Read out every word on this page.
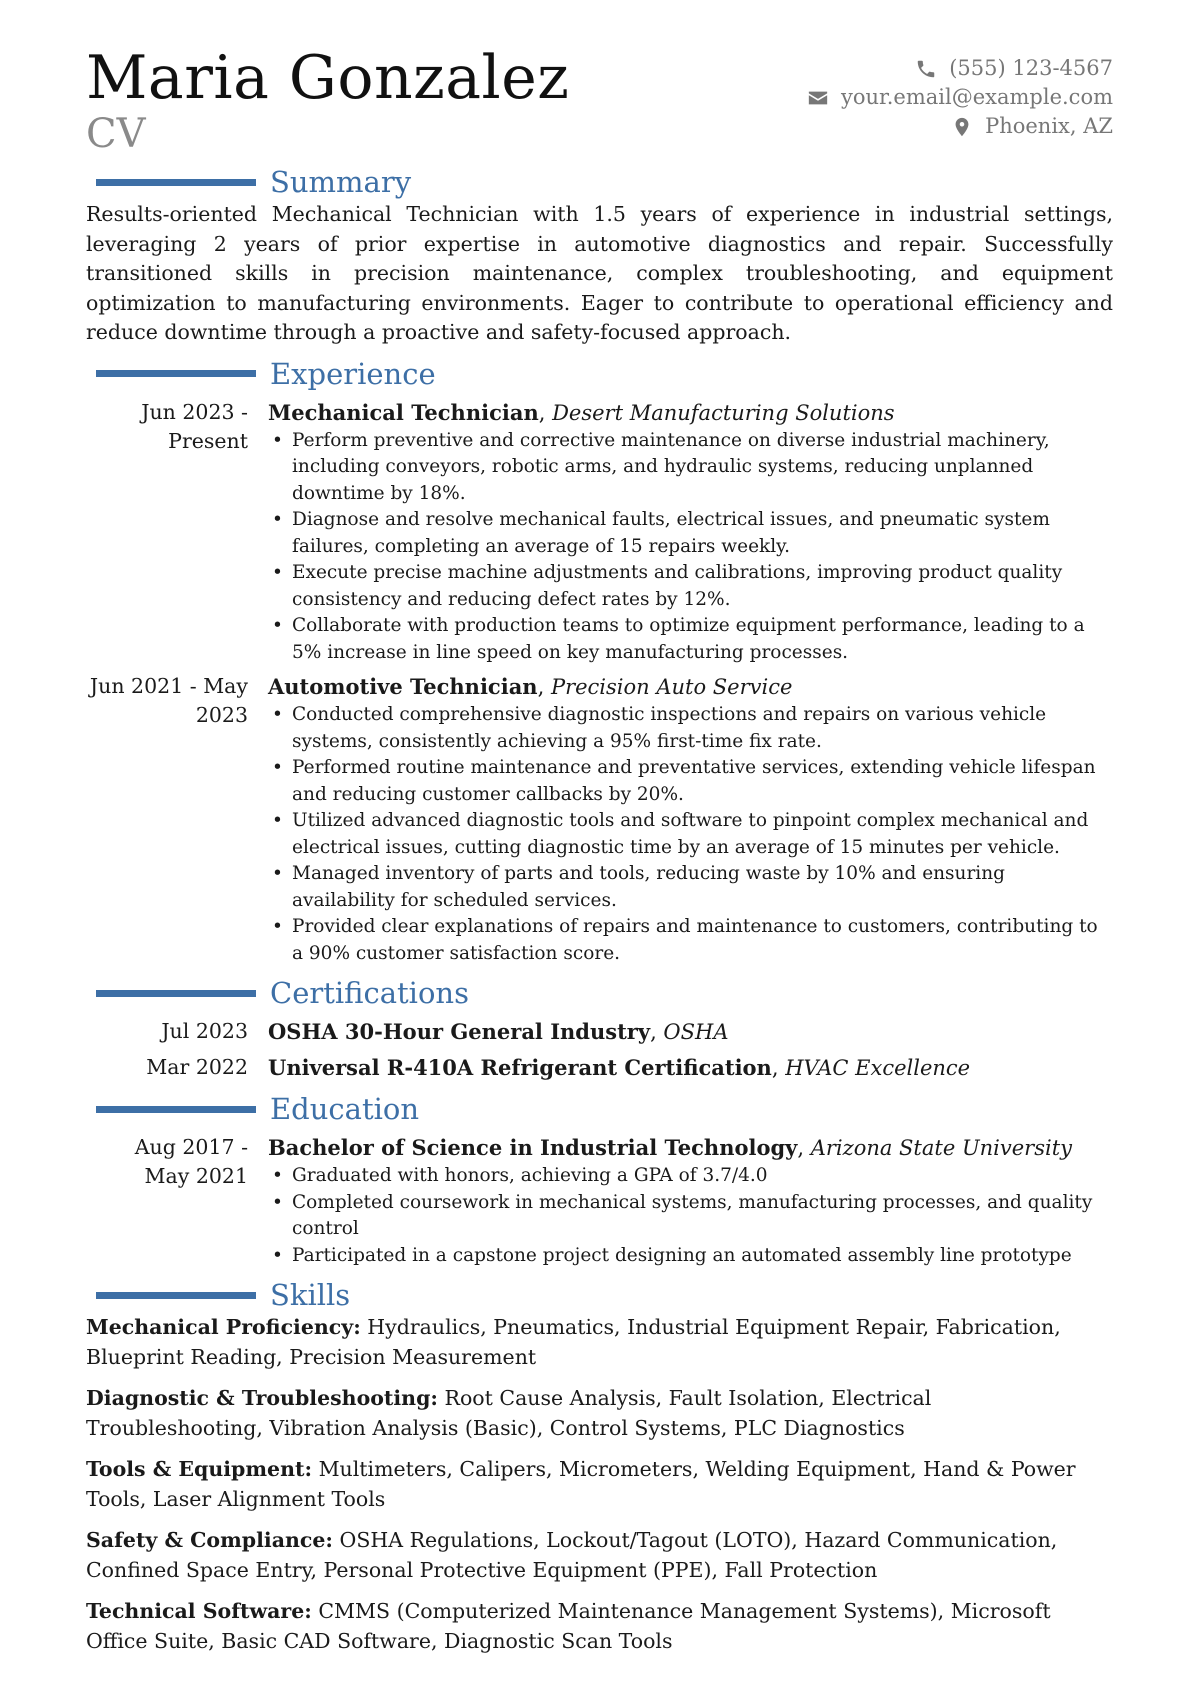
Maria Gonzalez
CV
(555) 123-4567
your.email@example.com
Phoenix, AZ
Summary

Results-oriented Mechanical Technician with 1.5 years of experience in industrial settings, leveraging 2 years of prior expertise in automotive diagnostics and repair. Successfully transitioned skills in precision maintenance, complex troubleshooting, and equipment optimization to manufacturing environments. Eager to contribute to operational efficiency and reduce downtime through a proactive and safety-focused approach.

Experience
Jun 2023 - Present
Mechanical Technician, Desert Manufacturing Solutions
• Perform preventive and corrective maintenance on diverse industrial machinery, including conveyors, robotic arms, and hydraulic systems, reducing unplanned downtime by 18%.
• Diagnose and resolve mechanical faults, electrical issues, and pneumatic system failures, completing an average of 15 repairs weekly.
• Execute precise machine adjustments and calibrations, improving product quality consistency and reducing defect rates by 12%.
• Collaborate with production teams to optimize equipment performance, leading to a 5% increase in line speed on key manufacturing processes.
Jun 2021 - May 2023
Automotive Technician, Precision Auto Service
• Conducted comprehensive diagnostic inspections and repairs on various vehicle systems, consistently achieving a 95% first-time fix rate.
• Performed routine maintenance and preventative services, extending vehicle lifespan and reducing customer callbacks by 20%.
• Utilized advanced diagnostic tools and software to pinpoint complex mechanical and electrical issues, cutting diagnostic time by an average of 15 minutes per vehicle.
• Managed inventory of parts and tools, reducing waste by 10% and ensuring availability for scheduled services.
• Provided clear explanations of repairs and maintenance to customers, contributing to a 90% customer satisfaction score.
Certifications
Jul 2023 OSHA 30-Hour General Industry, OSHA
Mar 2022 Universal R-410A Refrigerant Certification, HVAC Excellence
Education
Aug 2017 - May 2021
Bachelor of Science in Industrial Technology, Arizona State University
• Graduated with honors, achieving a GPA of 3.7/4.0
• Completed coursework in mechanical systems, manufacturing processes, and quality control
• Participated in a capstone project designing an automated assembly line prototype
Skills

Mechanical Proficiency: Hydraulics, Pneumatics, Industrial Equipment Repair, Fabrication, Blueprint Reading, Precision Measurement

Diagnostic & Troubleshooting: Root Cause Analysis, Fault Isolation, Electrical Troubleshooting, Vibration Analysis (Basic), Control Systems, PLC Diagnostics

Tools & Equipment: Multimeters, Calipers, Micrometers, Welding Equipment, Hand & Power Tools, Laser Alignment Tools

Safety & Compliance: OSHA Regulations, Lockout/Tagout (LOTO), Hazard Communication, Confined Space Entry, Personal Protective Equipment (PPE), Fall Protection

Technical Software: CMMS (Computerized Maintenance Management Systems), Microsoft Office Suite, Basic CAD Software, Diagnostic Scan Tools
